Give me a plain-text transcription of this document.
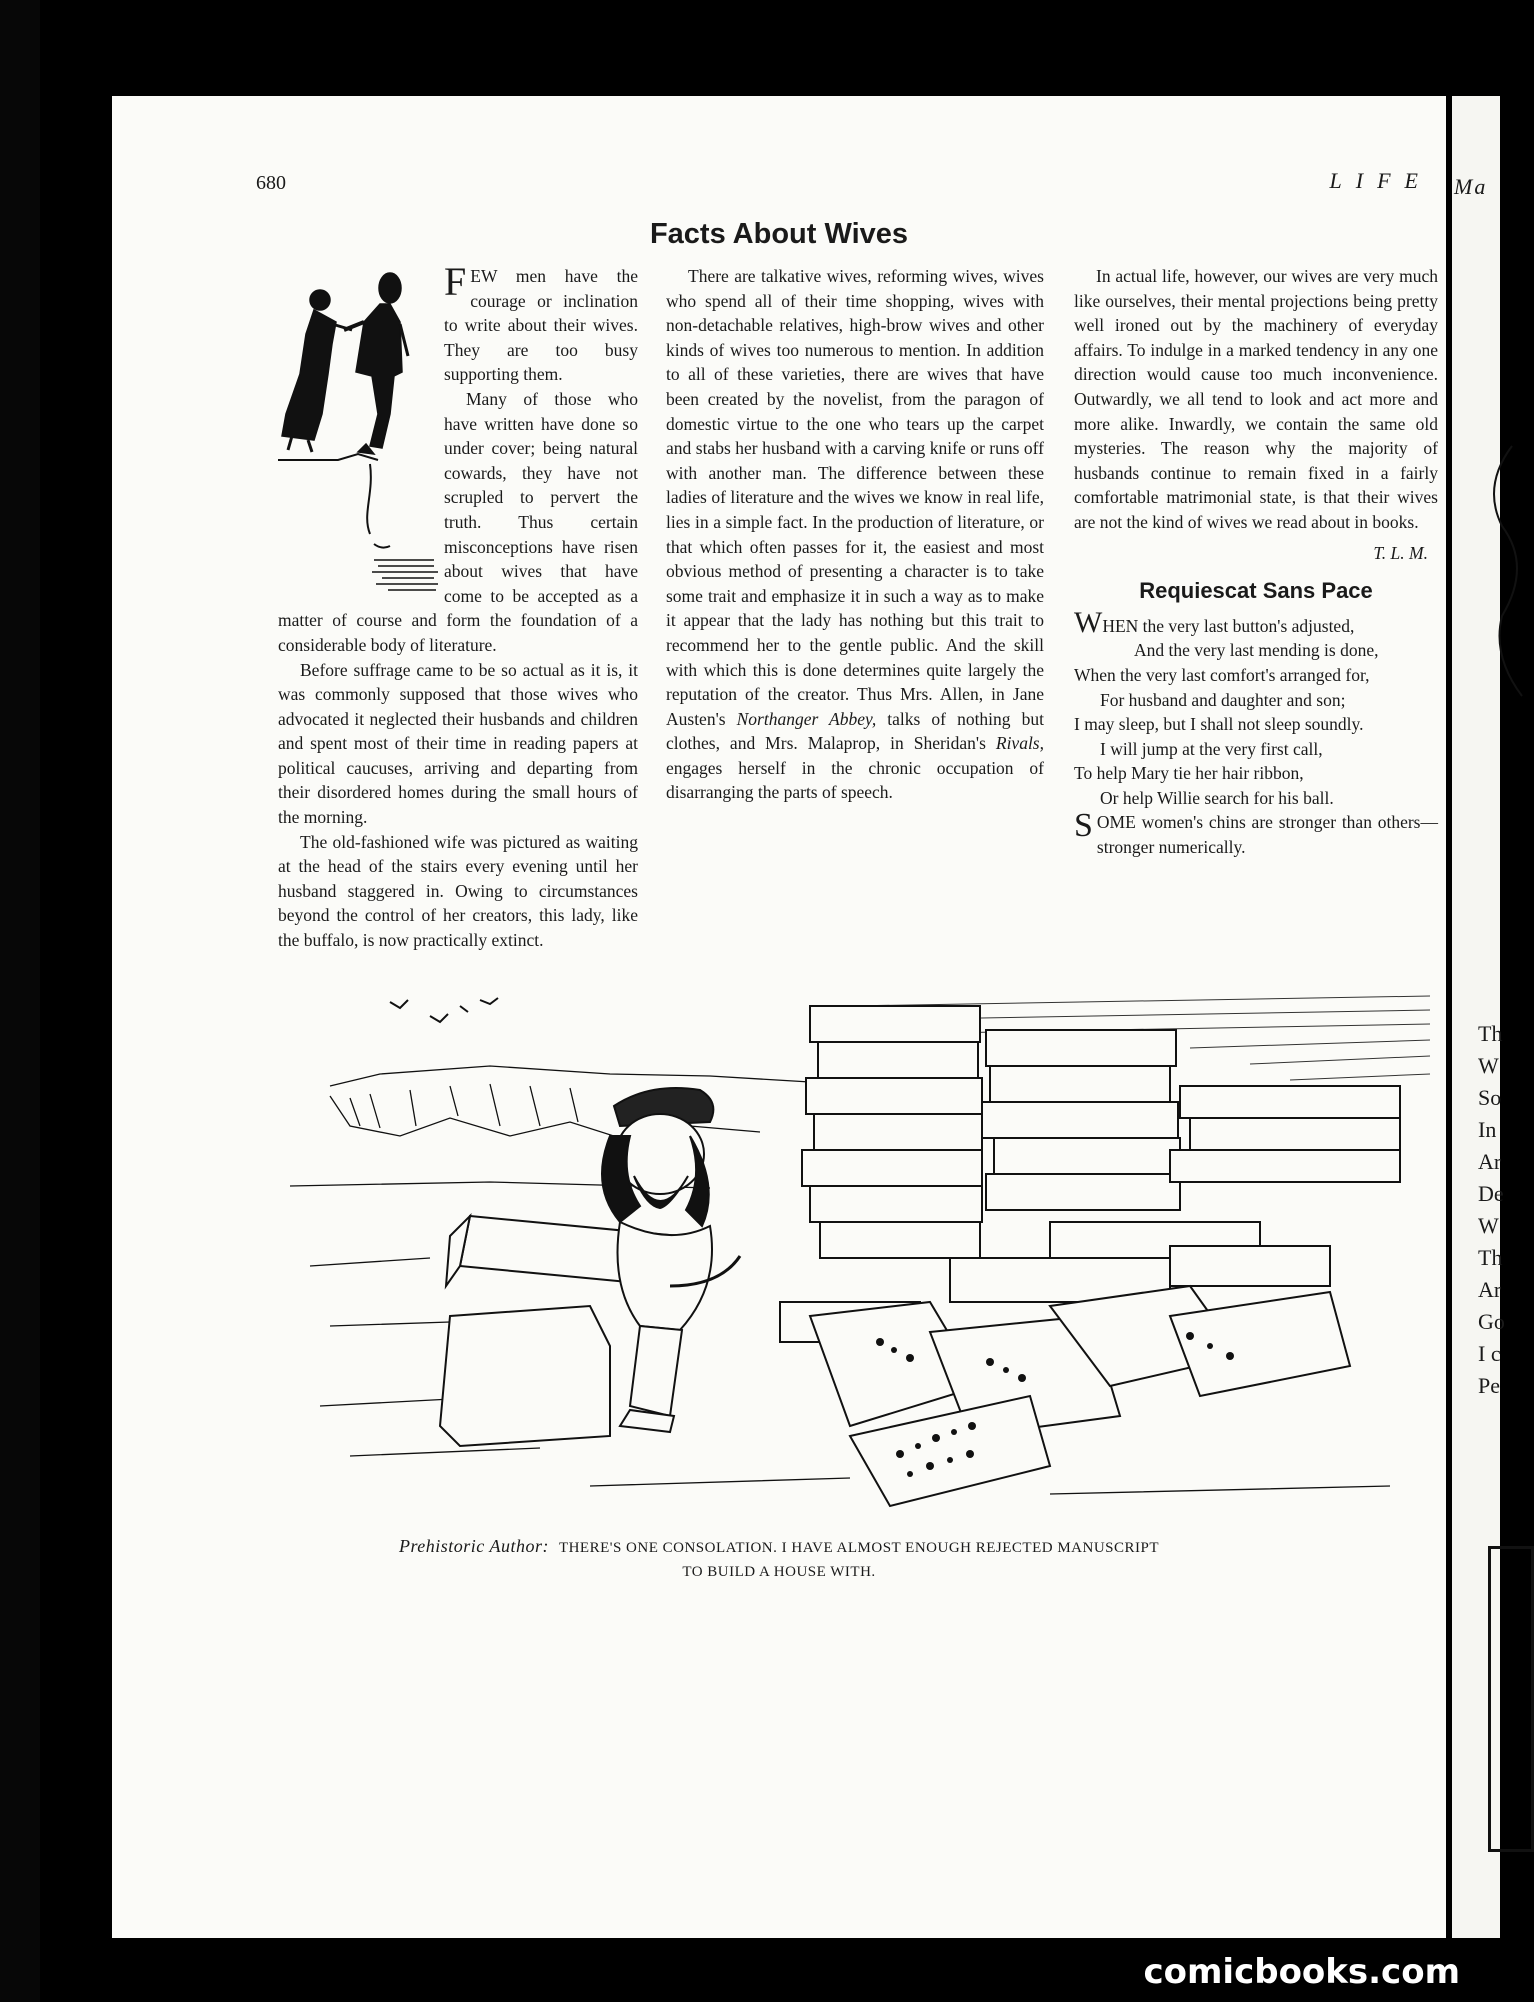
680	LIFE
Facts About Wives

FEW men have the courage or inclination to write about their wives. They are too busy supporting them.

Many of those who have written have done so under cover; being natural cowards, they have not scrupled to pervert the truth. Thus certain misconceptions have risen about wives that have come to be accepted as a matter of course and form the foundation of a considerable body of literature.

Before suffrage came to be so actual as it is, it was commonly supposed that those wives who advocated it neglected their husbands and children and spent most of their time in reading papers at political caucuses, arriving and departing from their disordered homes during the small hours of the morning.

The old-fashioned wife was pictured as waiting at the head of the stairs every evening until her husband staggered in. Owing to circumstances beyond the control of her creators, this lady, like the buffalo, is now practically extinct.

There are talkative wives, reforming wives, wives who spend all of their time shopping, wives with non-detachable relatives, high-brow wives and other kinds of wives too numerous to mention. In addition to all of these varieties, there are wives that have been created by the novelist, from the paragon of domestic virtue to the one who tears up the carpet and stabs her husband with a carving knife or runs off with another man. The difference between these ladies of literature and the wives we know in real life, lies in a simple fact. In the production of literature, or that which often passes for it, the easiest and most obvious method of presenting a character is to take some trait and emphasize it in such a way as to make it appear that the lady has nothing but this trait to recommend her to the gentle public. And the skill with which this is done determines quite largely the reputation of the creator. Thus Mrs. Allen, in Jane Austen's Northanger Abbey, talks of nothing but clothes, and Mrs. Malaprop, in Sheridan's Rivals, engages herself in the chronic occupation of disarranging the parts of speech.

In actual life, however, our wives are very much like ourselves, their mental projections being pretty well ironed out by the machinery of everyday affairs. To indulge in a marked tendency in any one direction would cause too much inconvenience. Outwardly, we all tend to look and act more and more alike. Inwardly, we contain the same old mysteries. The reason why the majority of husbands continue to remain fixed in a fairly comfortable matrimonial state, is that their wives are not the kind of wives we read about in books.

T. L. M.
Requiescat Sans Pace
WHEN the very last button's adjusted,
And the very last mending is done,
When the very last comfort's arranged for,
For husband and daughter and son;
I may sleep, but I shall not sleep soundly.
I will jump at the very first call,
To help Mary tie her hair ribbon,
Or help Willie search for his ball.

SOME women's chins are stronger than others—stronger numerically.

Prehistoric Author: THERE'S ONE CONSOLATION. I HAVE ALMOST ENOUGH REJECTED MANUSCRIPT
TO BUILD A HOUSE WITH.
Ma
Th
W
So
In
Ar
De
W
Th
Ar
Go
I c
Pe
comicbooks.com
